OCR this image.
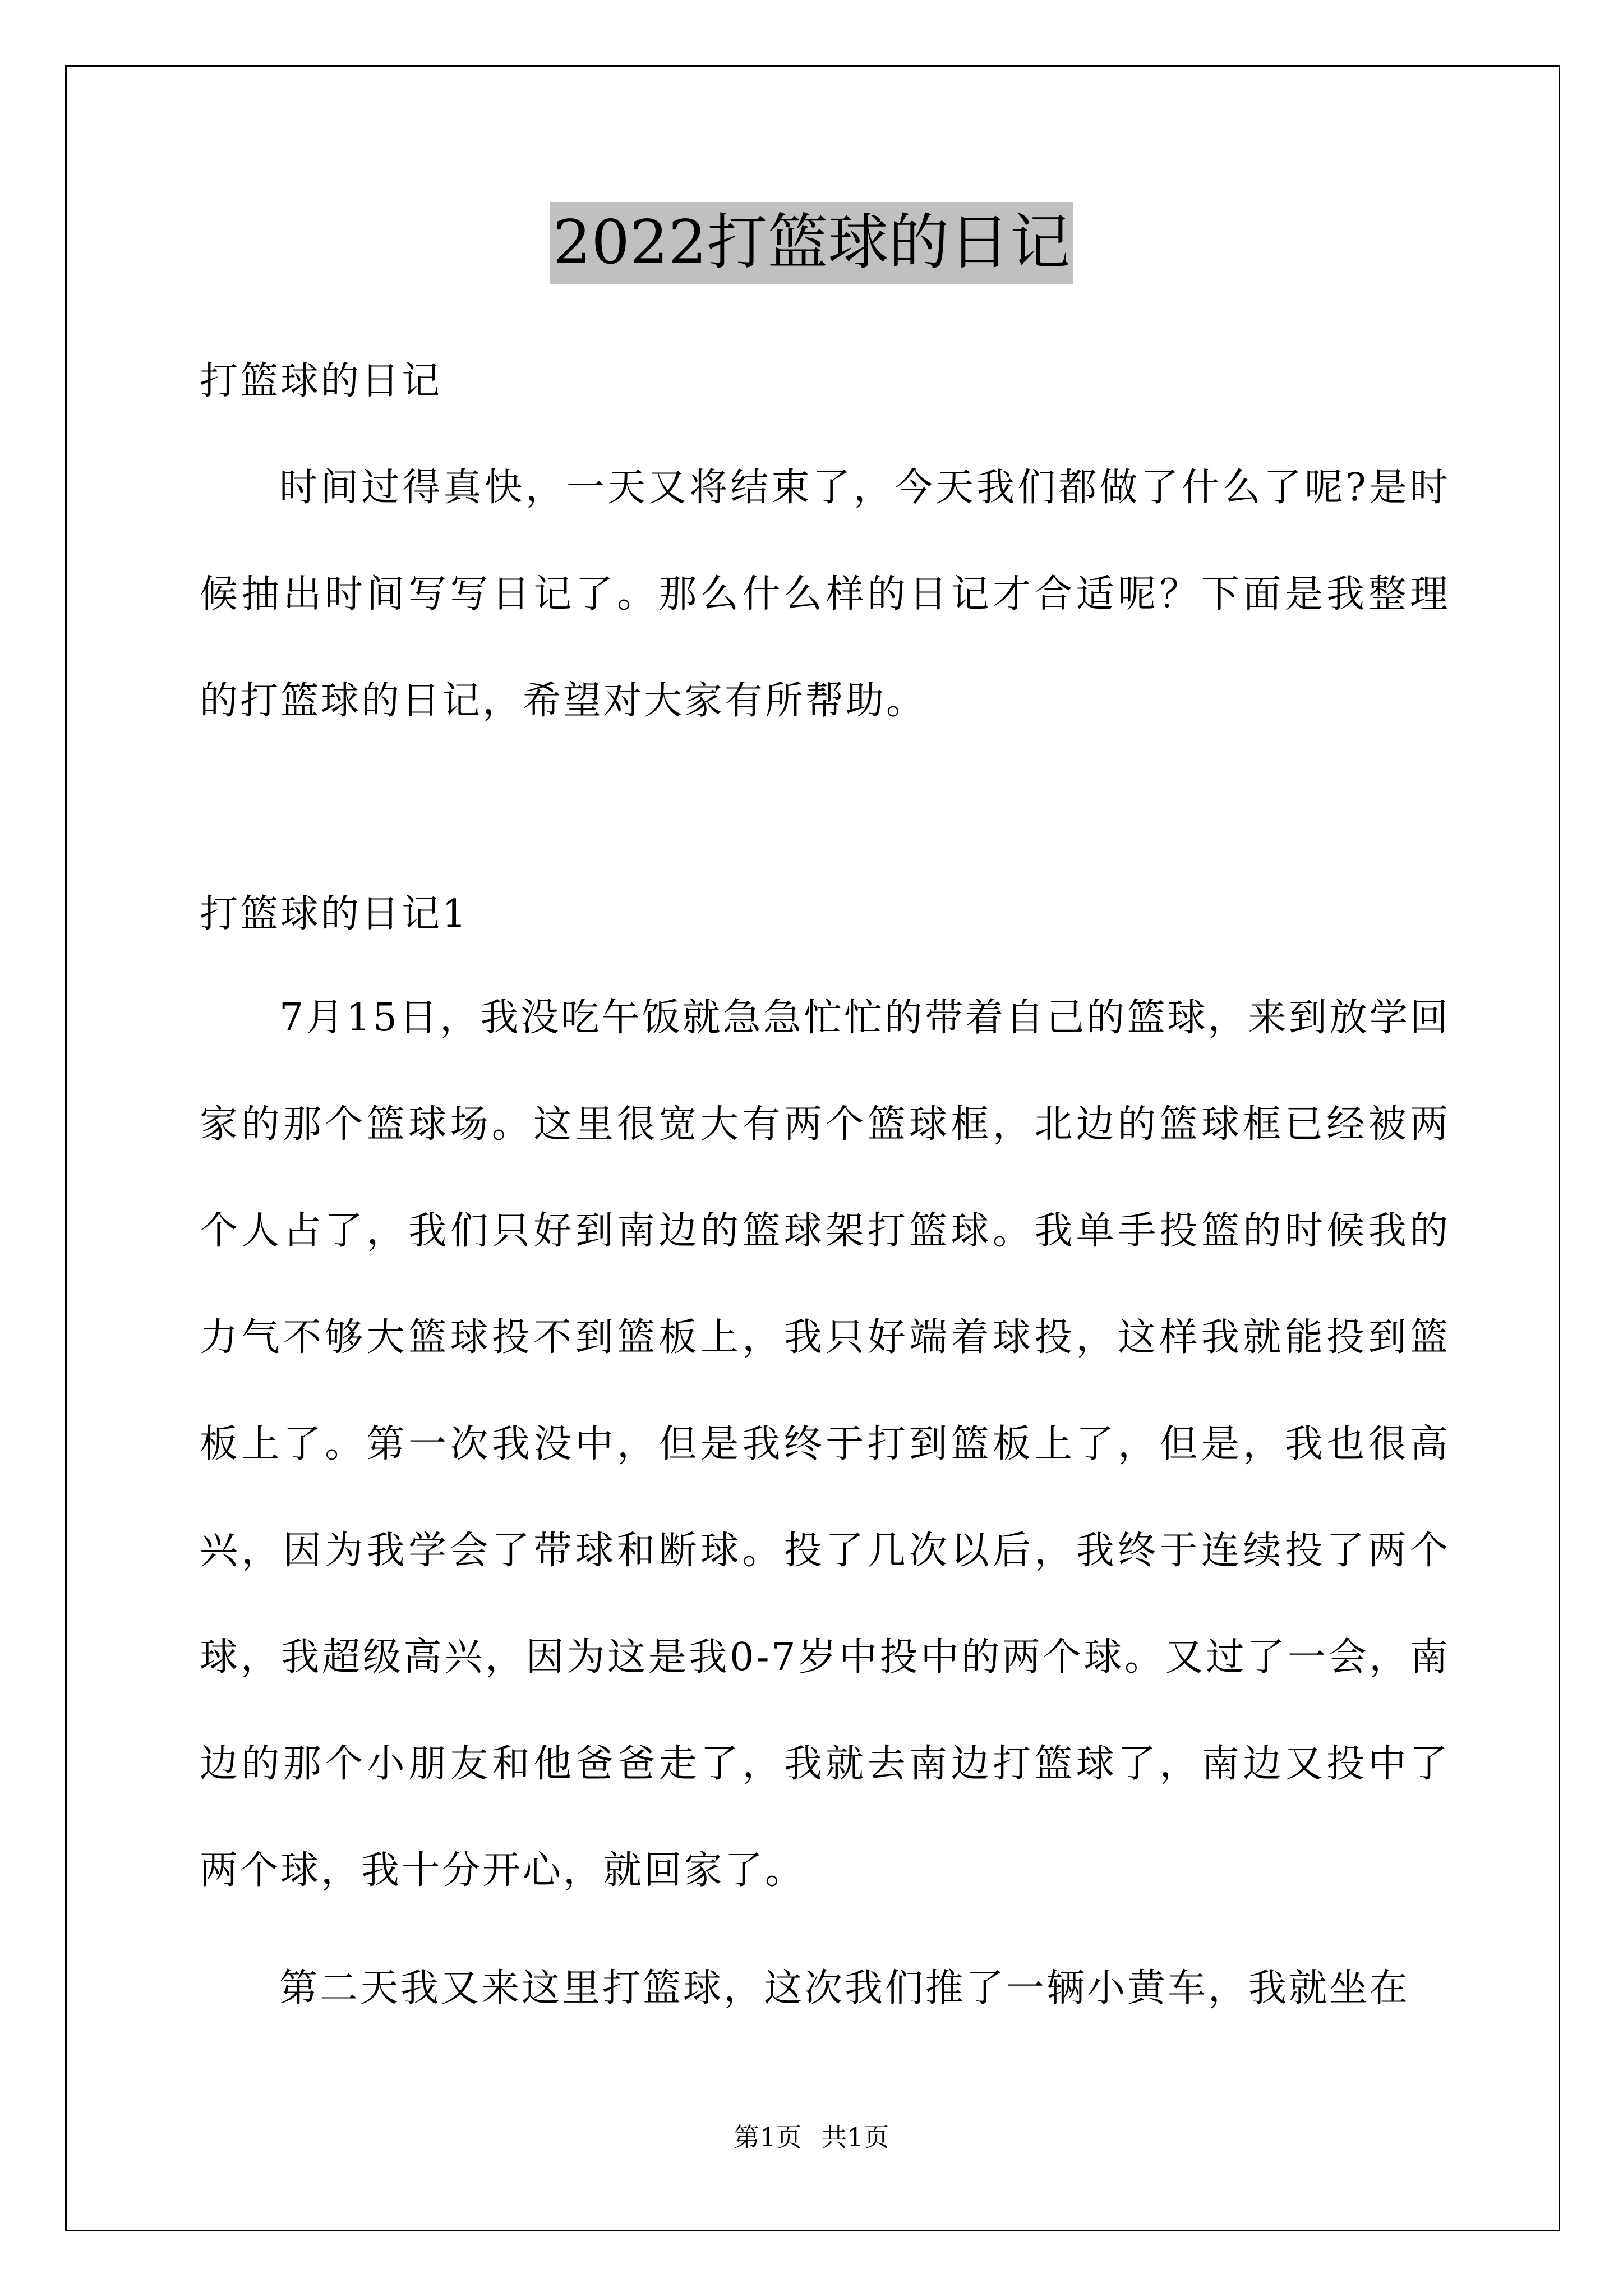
2022打篮球的日记
打篮球的日记

时间过得真快，一天又将结束了，今天我们都做了什么了呢?是时候抽出时间写写日记了。那么什么样的日记才合适呢？下面是我整理的打篮球的日记，希望对大家有所帮助。

打篮球的日记1

7月15日，我没吃午饭就急急忙忙的带着自己的篮球，来到放学回家的那个篮球场。这里很宽大有两个篮球框，北边的篮球框已经被两个人占了，我们只好到南边的篮球架打篮球。我单手投篮的时候我的力气不够大篮球投不到篮板上，我只好端着球投，这样我就能投到篮板上了。第一次我没中，但是我终于打到篮板上了，但是，我也很高兴，因为我学会了带球和断球。投了几次以后，我终于连续投了两个球，我超级高兴，因为这是我0-7岁中投中的两个球。又过了一会，南边的那个小朋友和他爸爸走了，我就去南边打篮球了，南边又投中了两个球，我十分开心，就回家了。

第二天我又来这里打篮球，这次我们推了一辆小黄车，我就坐在

第1页 共1页
